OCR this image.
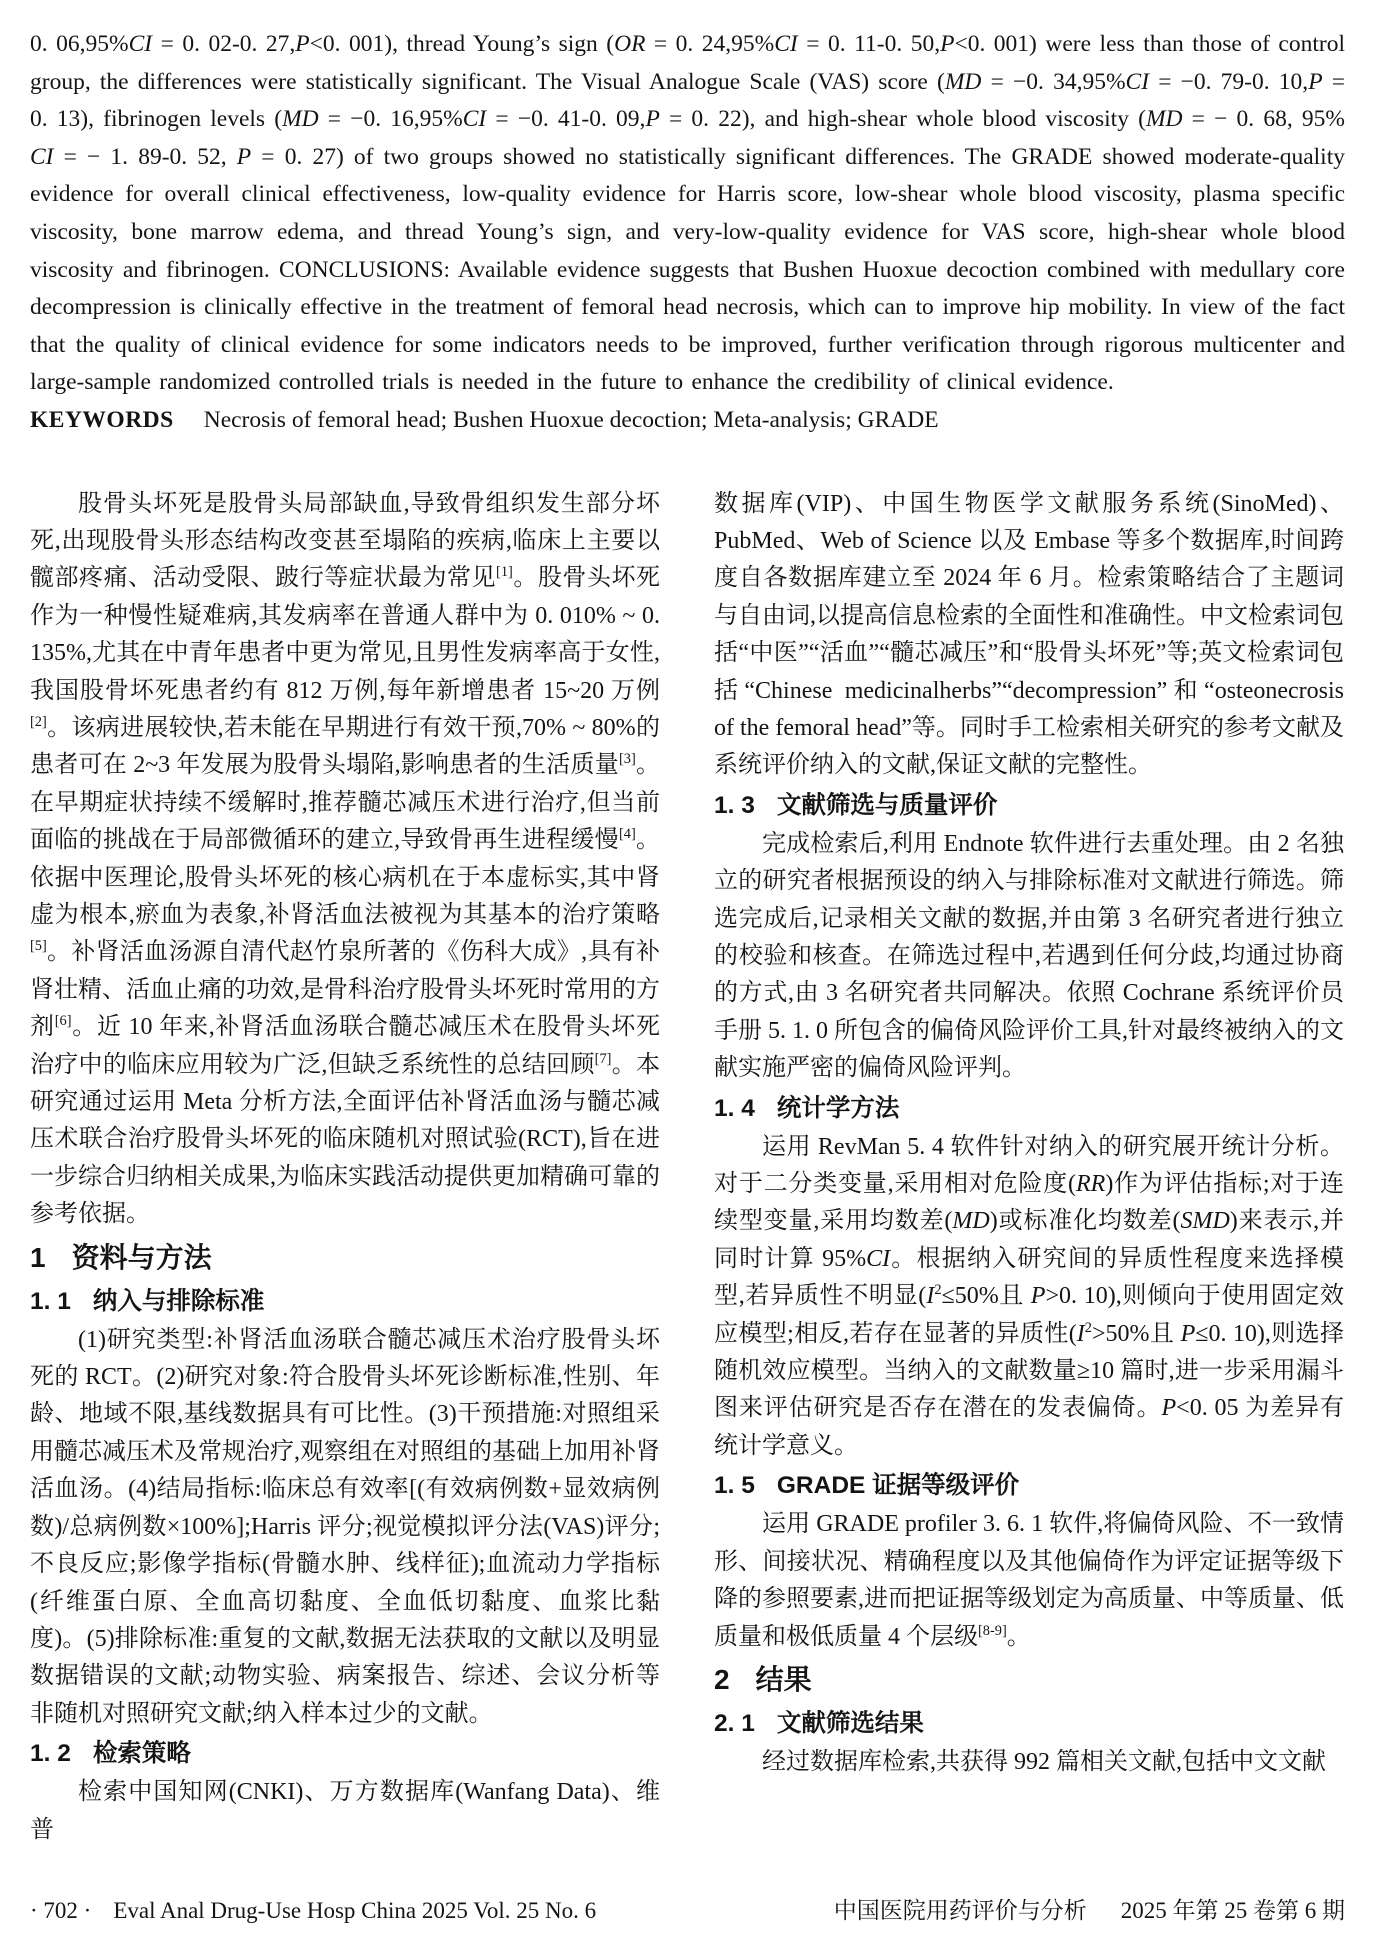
0. 06,95%CI = 0. 02-0. 27,P<0. 001), thread Young’s sign (OR = 0. 24,95%CI = 0. 11-0. 50,P<0. 001) were less than those of control group, the differences were statistically significant. The Visual Analogue Scale (VAS) score (MD = −0. 34,95%CI = −0. 79-0. 10,P = 0. 13), fibrinogen levels (MD = −0. 16,95%CI = −0. 41-0. 09,P = 0. 22), and high-shear whole blood viscosity (MD = − 0. 68, 95% CI = − 1. 89-0. 52, P = 0. 27) of two groups showed no statistically significant differences. The GRADE showed moderate-quality evidence for overall clinical effectiveness, low-quality evidence for Harris score, low-shear whole blood viscosity, plasma specific viscosity, bone marrow edema, and thread Young’s sign, and very-low-quality evidence for VAS score, high-shear whole blood viscosity and fibrinogen. CONCLUSIONS: Available evidence suggests that Bushen Huoxue decoction combined with medullary core decompression is clinically effective in the treatment of femoral head necrosis, which can to improve hip mobility. In view of the fact that the quality of clinical evidence for some indicators needs to be improved, further verification through rigorous multicenter and large-sample randomized controlled trials is needed in the future to enhance the credibility of clinical evidence.

KEYWORDS Necrosis of femoral head; Bushen Huoxue decoction; Meta-analysis; GRADE

股骨头坏死是股骨头局部缺血,导致骨组织发生部分坏死,出现股骨头形态结构改变甚至塌陷的疾病,临床上主要以髋部疼痛、活动受限、跛行等症状最为常见[1]。股骨头坏死作为一种慢性疑难病,其发病率在普通人群中为 0. 010% ~ 0. 135%,尤其在中青年患者中更为常见,且男性发病率高于女性,我国股骨坏死患者约有 812 万例,每年新增患者 15~20 万例[2]。该病进展较快,若未能在早期进行有效干预,70% ~ 80%的患者可在 2~3 年发展为股骨头塌陷,影响患者的生活质量[3]。在早期症状持续不缓解时,推荐髓芯减压术进行治疗,但当前面临的挑战在于局部微循环的建立,导致骨再生进程缓慢[4]。依据中医理论,股骨头坏死的核心病机在于本虚标实,其中肾虚为根本,瘀血为表象,补肾活血法被视为其基本的治疗策略[5]。补肾活血汤源自清代赵竹泉所著的《伤科大成》,具有补肾壮精、活血止痛的功效,是骨科治疗股骨头坏死时常用的方剂[6]。近 10 年来,补肾活血汤联合髓芯减压术在股骨头坏死治疗中的临床应用较为广泛,但缺乏系统性的总结回顾[7]。本研究通过运用 Meta 分析方法,全面评估补肾活血汤与髓芯减压术联合治疗股骨头坏死的临床随机对照试验(RCT),旨在进一步综合归纳相关成果,为临床实践活动提供更加精确可靠的参考依据。

1 资料与方法
1. 1 纳入与排除标准

(1)研究类型:补肾活血汤联合髓芯减压术治疗股骨头坏死的 RCT。(2)研究对象:符合股骨头坏死诊断标准,性别、年龄、地域不限,基线数据具有可比性。(3)干预措施:对照组采用髓芯减压术及常规治疗,观察组在对照组的基础上加用补肾活血汤。(4)结局指标:临床总有效率[(有效病例数+显效病例数)/总病例数×100%];Harris 评分;视觉模拟评分法(VAS)评分;不良反应;影像学指标(骨髓水肿、线样征);血流动力学指标(纤维蛋白原、全血高切黏度、全血低切黏度、血浆比黏度)。(5)排除标准:重复的文献,数据无法获取的文献以及明显数据错误的文献;动物实验、病案报告、综述、会议分析等非随机对照研究文献;纳入样本过少的文献。

1. 2 检索策略

检索中国知网(CNKI)、万方数据库(Wanfang Data)、维普

数据库(VIP)、中国生物医学文献服务系统(SinoMed)、PubMed、Web of Science 以及 Embase 等多个数据库,时间跨度自各数据库建立至 2024 年 6 月。检索策略结合了主题词与自由词,以提高信息检索的全面性和准确性。中文检索词包括“中医”“活血”“髓芯减压”和“股骨头坏死”等;英文检索词包括“Chinese medicinalherbs”“decompression”和“osteonecrosis of the femoral head”等。同时手工检索相关研究的参考文献及系统评价纳入的文献,保证文献的完整性。

1. 3 文献筛选与质量评价

完成检索后,利用 Endnote 软件进行去重处理。由 2 名独立的研究者根据预设的纳入与排除标准对文献进行筛选。筛选完成后,记录相关文献的数据,并由第 3 名研究者进行独立的校验和核查。在筛选过程中,若遇到任何分歧,均通过协商的方式,由 3 名研究者共同解决。依照 Cochrane 系统评价员手册 5. 1. 0 所包含的偏倚风险评价工具,针对最终被纳入的文献实施严密的偏倚风险评判。

1. 4 统计学方法

运用 RevMan 5. 4 软件针对纳入的研究展开统计分析。对于二分类变量,采用相对危险度(RR)作为评估指标;对于连续型变量,采用均数差(MD)或标准化均数差(SMD)来表示,并同时计算 95%CI。根据纳入研究间的异质性程度来选择模型,若异质性不明显($I^2\le 50\%$且 P>0. 10),则倾向于使用固定效应模型;相反,若存在显著的异质性($I^2>50\%$且 P≤0. 10),则选择随机效应模型。当纳入的文献数量≥10 篇时,进一步采用漏斗图来评估研究是否存在潜在的发表偏倚。P<0. 05 为差异有统计学意义。

1. 5 GRADE 证据等级评价

运用 GRADE profiler 3. 6. 1 软件,将偏倚风险、不一致情形、间接状况、精确程度以及其他偏倚作为评定证据等级下降的参照要素,进而把证据等级划定为高质量、中等质量、低质量和极低质量 4 个层级[8-9]。

2 结果
2. 1 文献筛选结果

经过数据库检索,共获得 992 篇相关文献,包括中文文献

· 702 · Eval Anal Drug-Use Hosp China 2025 Vol. 25 No. 6	中国医院用药评价与分析 2025 年第 25 卷第 6 期
